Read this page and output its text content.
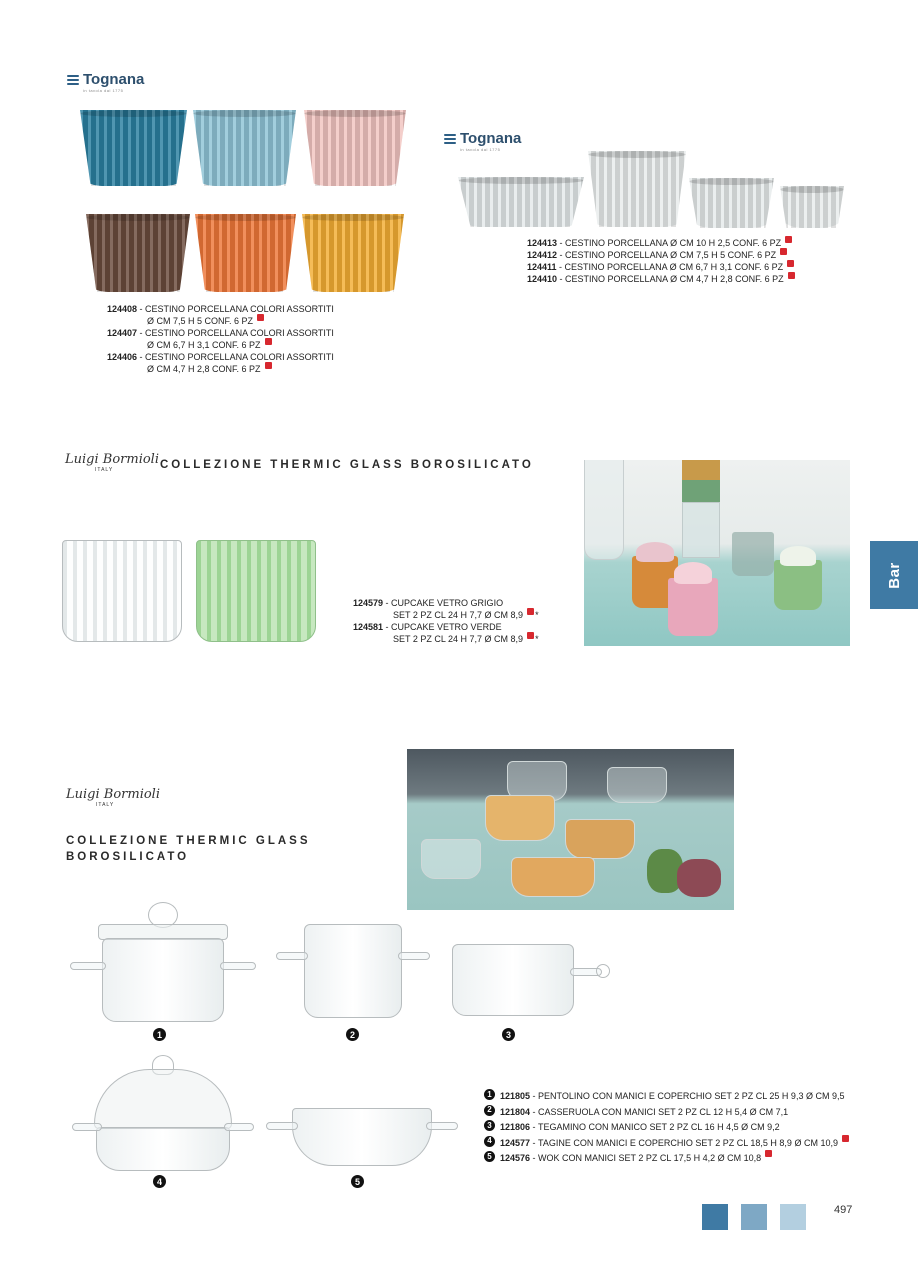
Tognana
in tavola dal 1775
124408 - CESTINO PORCELLANA COLORI ASSORTITI
Ø CM 7,5 H 5 CONF. 6 PZ
124407 - CESTINO PORCELLANA COLORI ASSORTITI
Ø CM 6,7 H 3,1 CONF. 6 PZ
124406 - CESTINO PORCELLANA COLORI ASSORTITI
Ø CM 4,7 H 2,8 CONF. 6 PZ
Tognana
in tavola dal 1775
124413 - CESTINO PORCELLANA Ø CM 10 H 2,5 CONF. 6 PZ
124412 - CESTINO PORCELLANA Ø CM 7,5 H 5 CONF. 6 PZ
124411 - CESTINO PORCELLANA Ø CM 6,7 H 3,1 CONF. 6 PZ
124410 - CESTINO PORCELLANA Ø CM 4,7 H 2,8 CONF. 6 PZ
Luigi Bormioli
ITALY	COLLEZIONE THERMIC GLASS BOROSILICATO
124579 - CUPCAKE VETRO GRIGIO
SET 2 PZ CL 24 H 7,7 Ø CM 8,9 *
124581 - CUPCAKE VETRO VERDE
SET 2 PZ CL 24 H 7,7 Ø CM 8,9 *
Luigi Bormioli
ITALY
COLLEZIONE THERMIC GLASS
BOROSILICATO
1	2	3
4	5
1 121805 - PENTOLINO CON MANICI E COPERCHIO SET 2 PZ CL 25 H 9,3 Ø CM 9,5
2 121804 - CASSERUOLA CON MANICI SET 2 PZ CL 12 H 5,4 Ø CM 7,1
3 121806 - TEGAMINO CON MANICO SET 2 PZ CL 16 H 4,5 Ø CM 9,2
4 124577 - TAGINE CON MANICI E COPERCHIO SET 2 PZ CL 18,5 H 8,9 Ø CM 10,9
5 124576 - WOK CON MANICI SET 2 PZ CL 17,5 H 4,2 Ø CM 10,8
Bar
497
